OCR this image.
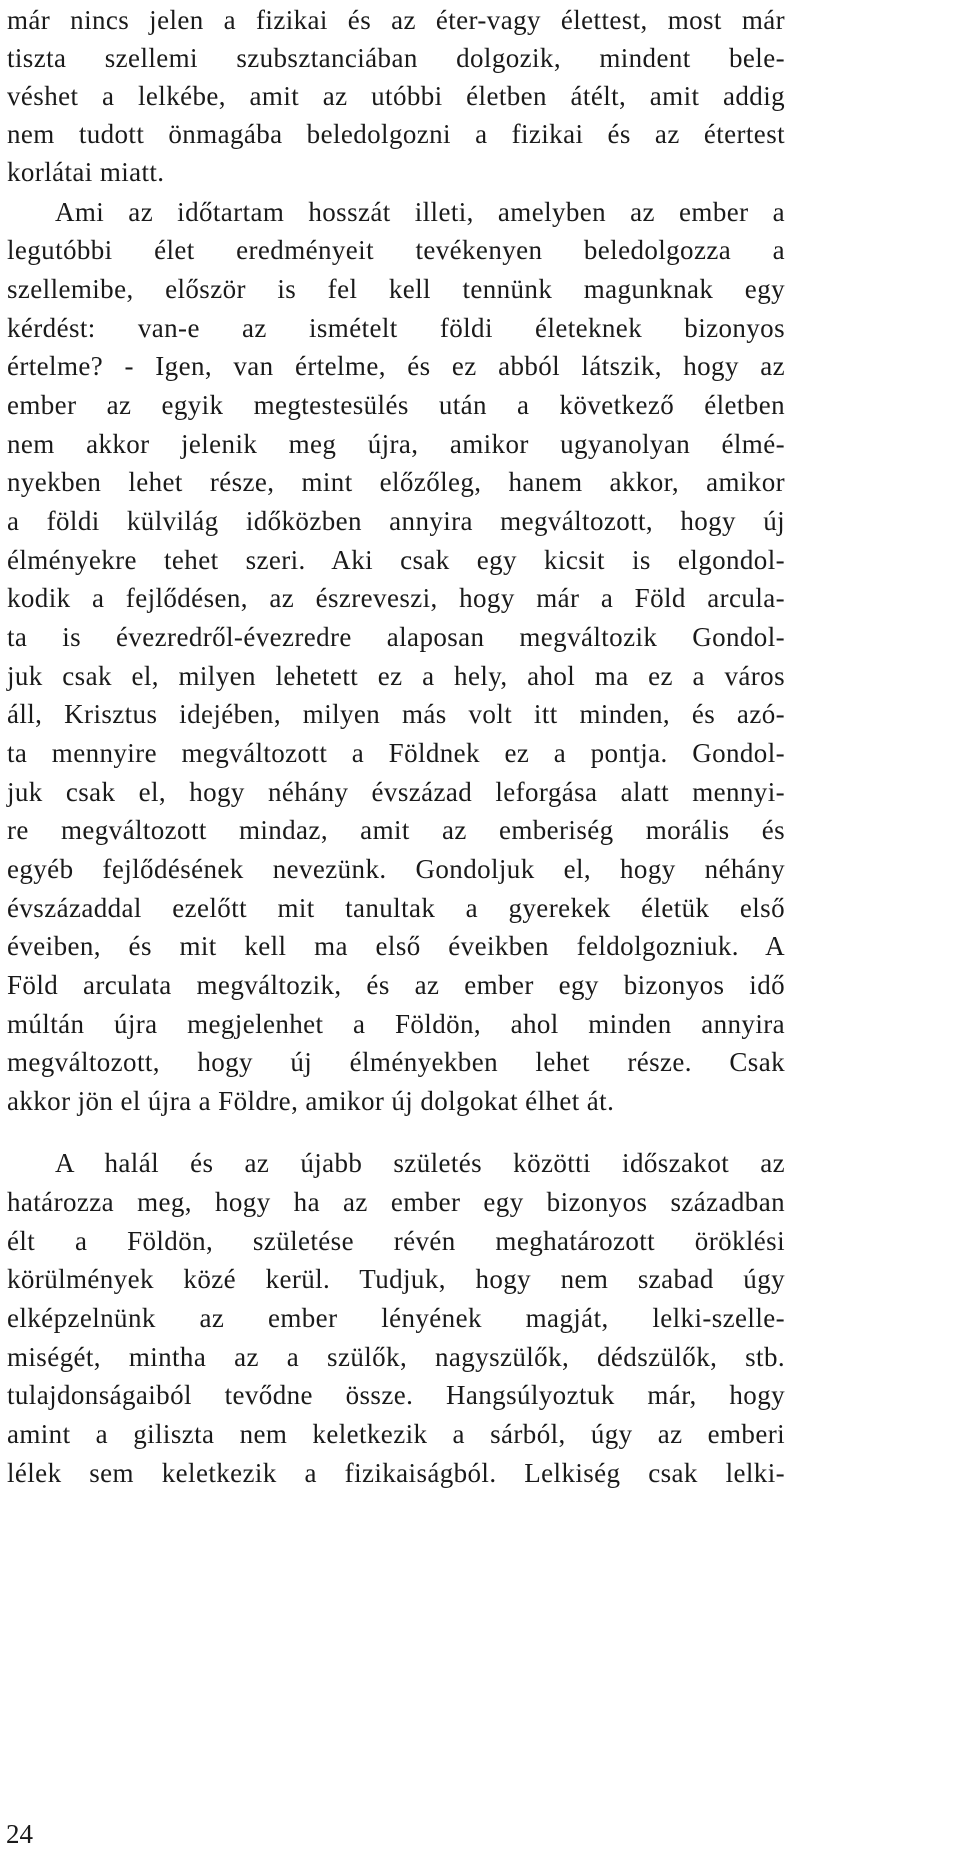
már nincs jelen a fizikai és az éter-vagy élettest, most már
tiszta szellemi szubsztanciában dolgozik, mindent bele-
véshet a lelkébe, amit az utóbbi életben átélt, amit addig
nem tudott önmagába beledolgozni a fizikai és az étertest
korlátai miatt.
Ami az időtartam hosszát illeti, amelyben az ember a
legutóbbi élet eredményeit tevékenyen beledolgozza a
szellemibe, először is fel kell tennünk magunknak egy
kérdést: van-e az ismételt földi életeknek bizonyos
értelme? - Igen, van értelme, és ez abból látszik, hogy az
ember az egyik megtestesülés után a következő életben
nem akkor jelenik meg újra, amikor ugyanolyan élmé-
nyekben lehet része, mint előzőleg, hanem akkor, amikor
a földi külvilág időközben annyira megváltozott, hogy új
élményekre tehet szeri. Aki csak egy kicsit is elgondol-
kodik a fejlődésen, az észreveszi, hogy már a Föld arcula-
ta is évezredről-évezredre alaposan megváltozik Gondol-
juk csak el, milyen lehetett ez a hely, ahol ma ez a város
áll, Krisztus idejében, milyen más volt itt minden, és azó-
ta mennyire megváltozott a Földnek ez a pontja. Gondol-
juk csak el, hogy néhány évszázad leforgása alatt mennyi-
re megváltozott mindaz, amit az emberiség morális és
egyéb fejlődésének nevezünk. Gondoljuk el, hogy néhány
évszázaddal ezelőtt mit tanultak a gyerekek életük első
éveiben, és mit kell ma első éveikben feldolgozniuk. A
Föld arculata megváltozik, és az ember egy bizonyos idő
múltán újra megjelenhet a Földön, ahol minden annyira
megváltozott, hogy új élményekben lehet része. Csak
akkor jön el újra a Földre, amikor új dolgokat élhet át.
A halál és az újabb születés közötti időszakot az
határozza meg, hogy ha az ember egy bizonyos században
élt a Földön, születése révén meghatározott öröklési
körülmények közé kerül. Tudjuk, hogy nem szabad úgy
elképzelnünk az ember lényének magját, lelki-szelle-
miségét, mintha az a szülők, nagyszülők, dédszülők, stb.
tulajdonságaiból tevődne össze. Hangsúlyoztuk már, hogy
amint a giliszta nem keletkezik a sárból, úgy az emberi
lélek sem keletkezik a fizikaiságból. Lelkiség csak lelki-
24
